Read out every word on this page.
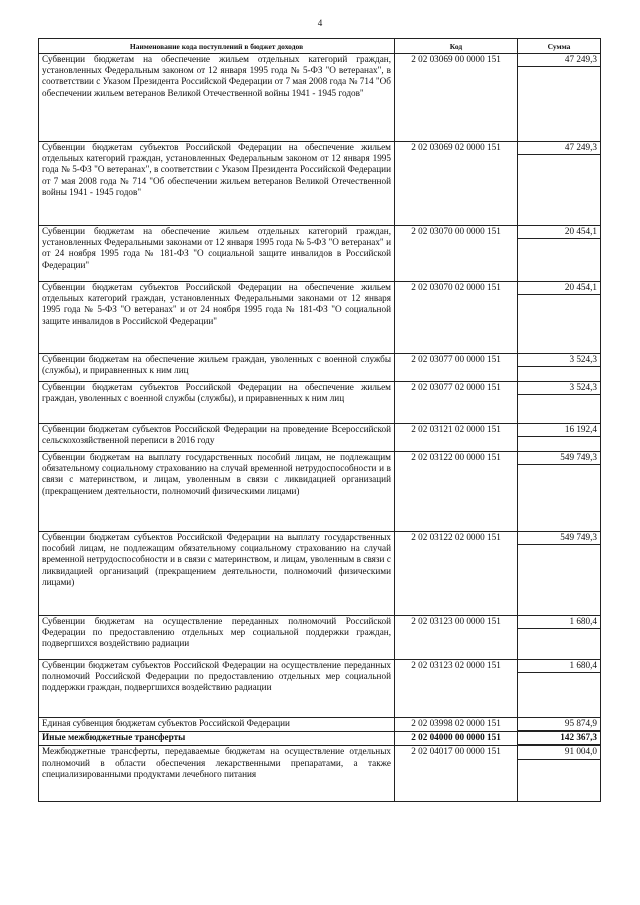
4
Наименование кода поступлений в бюджет доходов	Код	Сумма
Субвенции бюджетам на обеспечение жильем отдельных категорий граждан, установленных Федеральным законом от 12 января 1995 года № 5-ФЗ "О ветеранах", в соответствии с Указом Президента Российской Федерации от 7 мая 2008 года № 714 "Об обеспечении жильем ветеранов Великой Отечественной войны 1941 - 1945 годов"	2 02 03069 00 0000 151	47 249,3

Субвенции бюджетам субъектов Российской Федерации на обеспечение жильем отдельных категорий граждан, установленных Федеральным законом от 12 января 1995 года № 5-ФЗ "О ветеранах", в соответствии с Указом Президента Российской Федерации от 7 мая 2008 года № 714 "Об обеспечении жильем ветеранов Великой Отечественной войны 1941 - 1945 годов"	2 02 03069 02 0000 151	47 249,3

Субвенции бюджетам на обеспечение жильем отдельных категорий граждан, установленных Федеральными законами от 12 января 1995 года № 5-ФЗ "О ветеранах" и от 24 ноября 1995 года № 181-ФЗ "О социальной защите инвалидов в Российской Федерации"	2 02 03070 00 0000 151	20 454,1

Субвенции бюджетам субъектов Российской Федерации на обеспечение жильем отдельных категорий граждан, установленных Федеральными законами от 12 января 1995 года № 5-ФЗ "О ветеранах" и от 24 ноября 1995 года № 181-ФЗ "О социальной защите инвалидов в Российской Федерации"	2 02 03070 02 0000 151	20 454,1

Субвенции бюджетам на обеспечение жильем граждан, уволенных с военной службы (службы), и приравненных к ним лиц	2 02 03077 00 0000 151	3 524,3

Субвенции бюджетам субъектов Российской Федерации на обеспечение жильем граждан, уволенных с военной службы (службы), и приравненных к ним лиц	2 02 03077 02 0000 151	3 524,3

Субвенции бюджетам субъектов Российской Федерации на проведение Всероссийской сельскохозяйственной переписи в 2016 году	2 02 03121 02 0000 151	16 192,4

Субвенции бюджетам на выплату государственных пособий лицам, не подлежащим обязательному социальному страхованию на случай временной нетрудоспособности и в связи с материнством, и лицам, уволенным в связи с ликвидацией организаций (прекращением деятельности, полномочий физическими лицами)	2 02 03122 00 0000 151	549 749,3

Субвенции бюджетам субъектов Российской Федерации на выплату государственных пособий лицам, не подлежащим обязательному социальному страхованию на случай временной нетрудоспособности и в связи с материнством, и лицам, уволенным в связи с ликвидацией организаций (прекращением деятельности, полномочий физическими лицами)	2 02 03122 02 0000 151	549 749,3

Субвенции бюджетам на осуществление переданных полномочий Российской Федерации по предоставлению отдельных мер социальной поддержки граждан, подвергшихся воздействию радиации	2 02 03123 00 0000 151	1 680,4

Субвенции бюджетам субъектов Российской Федерации на осуществление переданных полномочий Российской Федерации по предоставлению отдельных мер социальной поддержки граждан, подвергшихся воздействию радиации	2 02 03123 02 0000 151	1 680,4

Единая субвенция бюджетам субъектов Российской Федерации	2 02 03998 02 0000 151	95 874,9

Иные межбюджетные трансферты	2 02 04000 00 0000 151	142 367,3

Межбюджетные трансферты, передаваемые бюджетам на осуществление отдельных полномочий в области обеспечения лекарственными препаратами, а также специализированными продуктами лечебного питания	2 02 04017 00 0000 151	91 004,0
